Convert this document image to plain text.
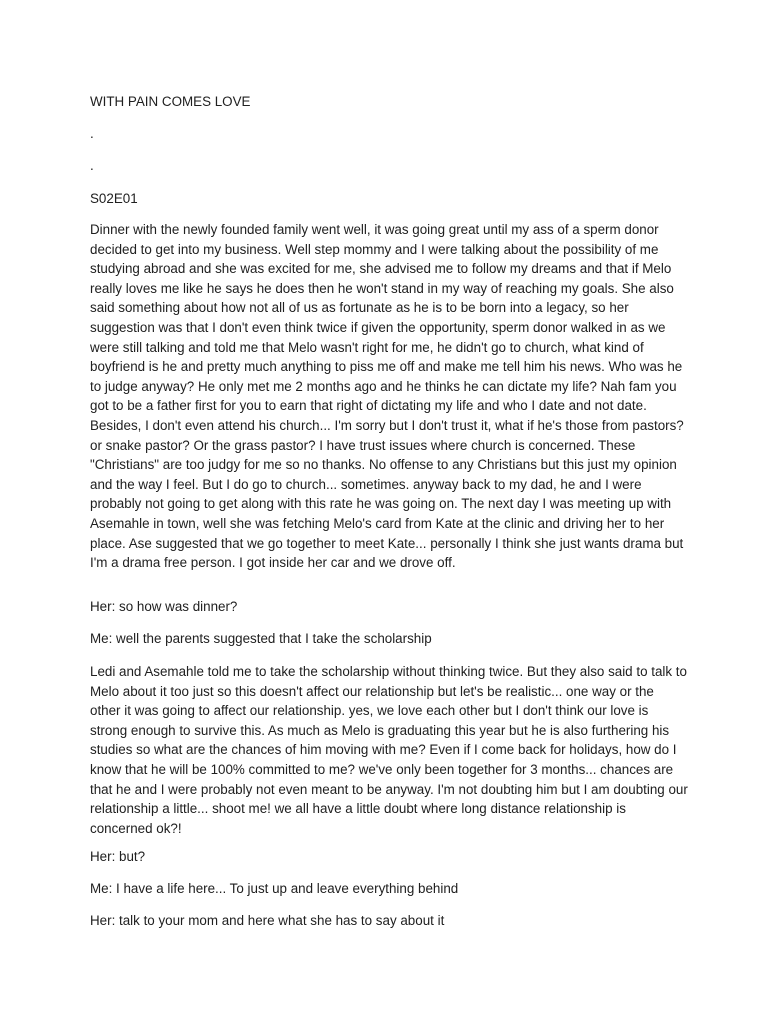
WITH PAIN COMES LOVE
.
.
S02E01

Dinner with the newly founded family went well, it was going great until my ass of a sperm donor decided to get into my business. Well step mommy and I were talking about the possibility of me studying abroad and she was excited for me, she advised me to follow my dreams and that if Melo really loves me like he says he does then he won't stand in my way of reaching my goals. She also said something about how not all of us as fortunate as he is to be born into a legacy, so her suggestion was that I don't even think twice if given the opportunity, sperm donor walked in as we were still talking and told me that Melo wasn't right for me, he didn't go to church, what kind of boyfriend is he and pretty much anything to piss me off and make me tell him his news. Who was he to judge anyway? He only met me 2 months ago and he thinks he can dictate my life? Nah fam you got to be a father first for you to earn that right of dictating my life and who I date and not date. Besides, I don't even attend his church... I'm sorry but I don't trust it, what if he's those from pastors? or snake pastor? Or the grass pastor? I have trust issues where church is concerned. These "Christians" are too judgy for me so no thanks. No offense to any Christians but this just my opinion and the way I feel. But I do go to church... sometimes. anyway back to my dad, he and I were probably not going to get along with this rate he was going on. The next day I was meeting up with Asemahle in town, well she was fetching Melo's card from Kate at the clinic and driving her to her place. Ase suggested that we go together to meet Kate... personally I think she just wants drama but I'm a drama free person. I got inside her car and we drove off.

Her: so how was dinner?

Me: well the parents suggested that I take the scholarship

Ledi and Asemahle told me to take the scholarship without thinking twice. But they also said to talk to Melo about it too just so this doesn't affect our relationship but let's be realistic... one way or the other it was going to affect our relationship. yes, we love each other but I don't think our love is strong enough to survive this. As much as Melo is graduating this year but he is also furthering his studies so what are the chances of him moving with me? Even if I come back for holidays, how do I know that he will be 100% committed to me? we've only been together for 3 months... chances are that he and I were probably not even meant to be anyway. I'm not doubting him but I am doubting our relationship a little... shoot me! we all have a little doubt where long distance relationship is concerned ok?!

Her: but?

Me: I have a life here... To just up and leave everything behind

Her: talk to your mom and here what she has to say about it
